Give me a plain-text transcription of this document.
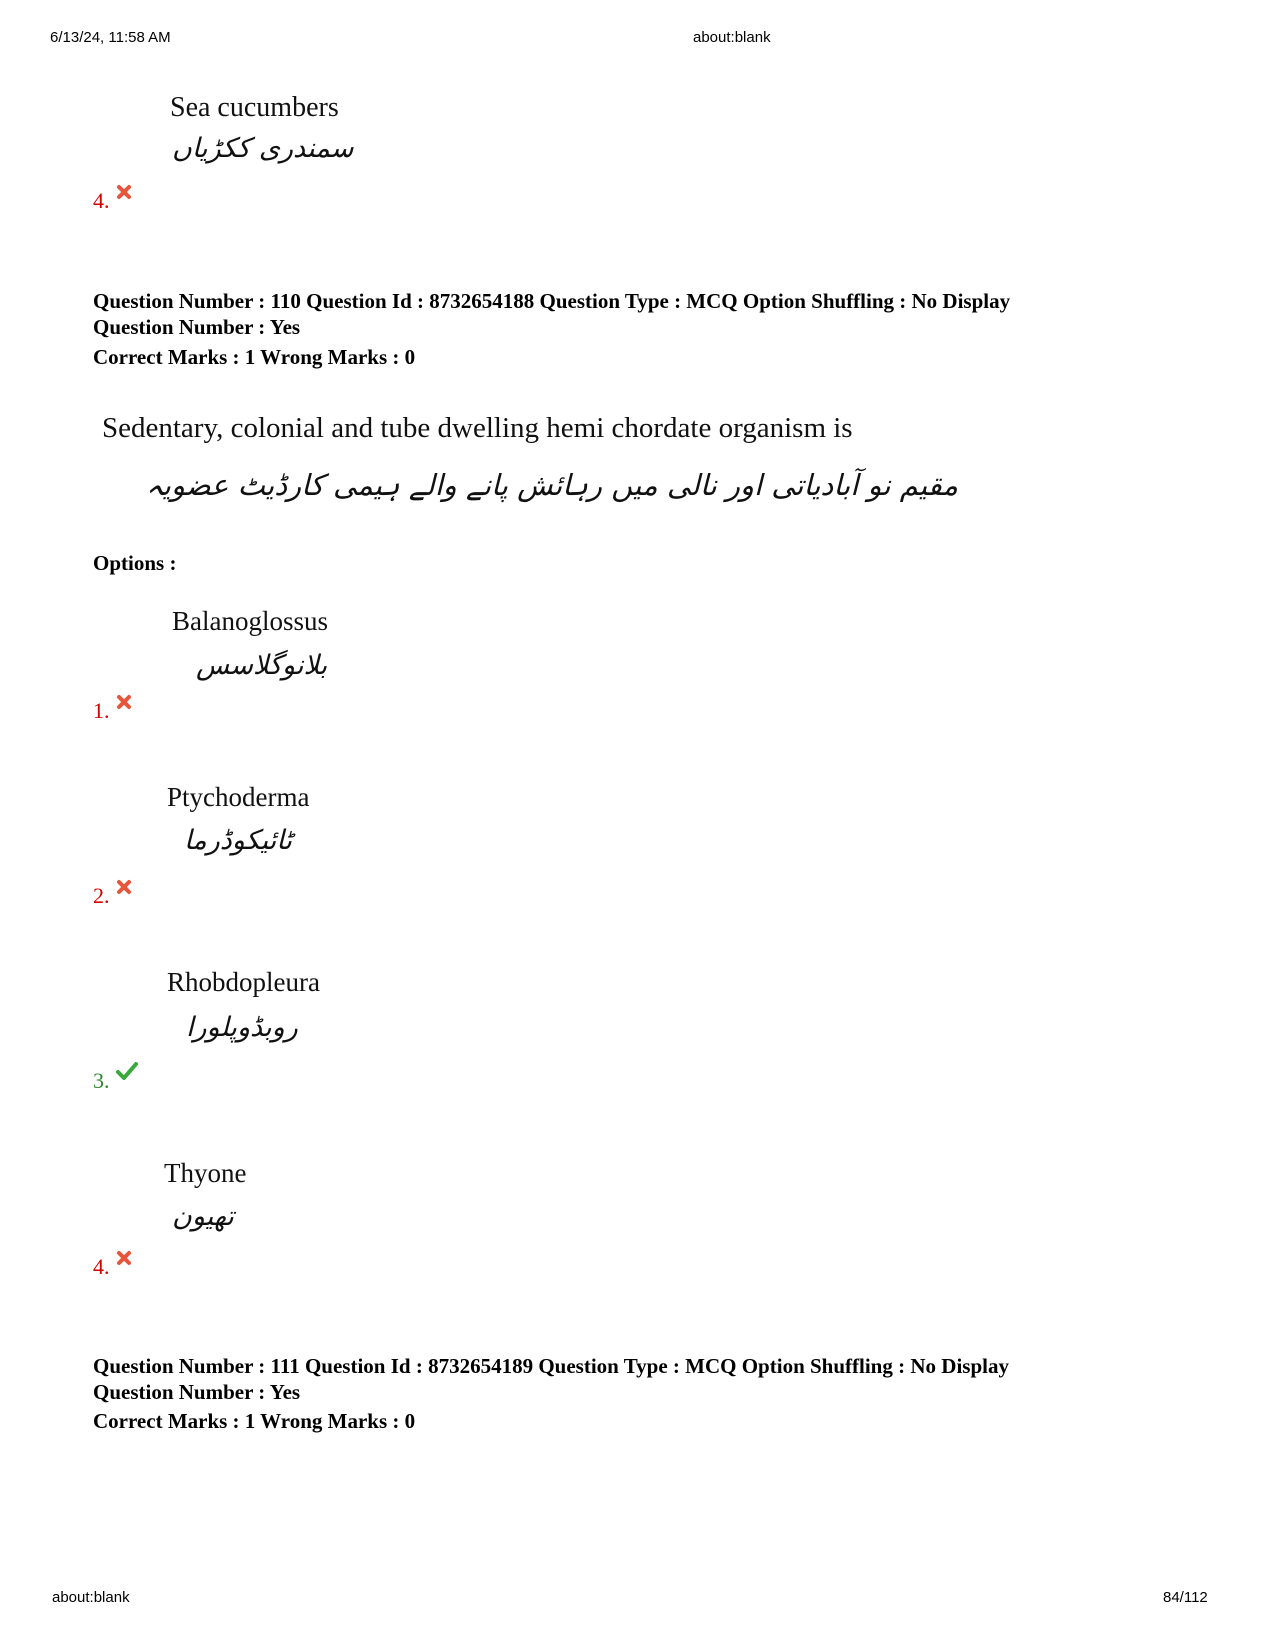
6/13/24, 11:58 AM	about:blank
Sea cucumbers
سمندری ککڑیاں
4.
Question Number : 110 Question Id : 8732654188 Question Type : MCQ Option Shuffling : No Display
Question Number : Yes
Correct Marks : 1 Wrong Marks : 0
Sedentary, colonial and tube dwelling hemi chordate organism is
مقیم نو آبادیاتی اور نالی میں رہائش پانے والے ہیمی کارڈیٹ عضویہ
Options :
Balanoglossus
بلانوگلاسس
1.
Ptychoderma
ٹائیکوڈرما
2.
Rhobdopleura
روبڈوپلورا
3.
Thyone
تھیون
4.
Question Number : 111 Question Id : 8732654189 Question Type : MCQ Option Shuffling : No Display
Question Number : Yes
Correct Marks : 1 Wrong Marks : 0
about:blank	84/112
